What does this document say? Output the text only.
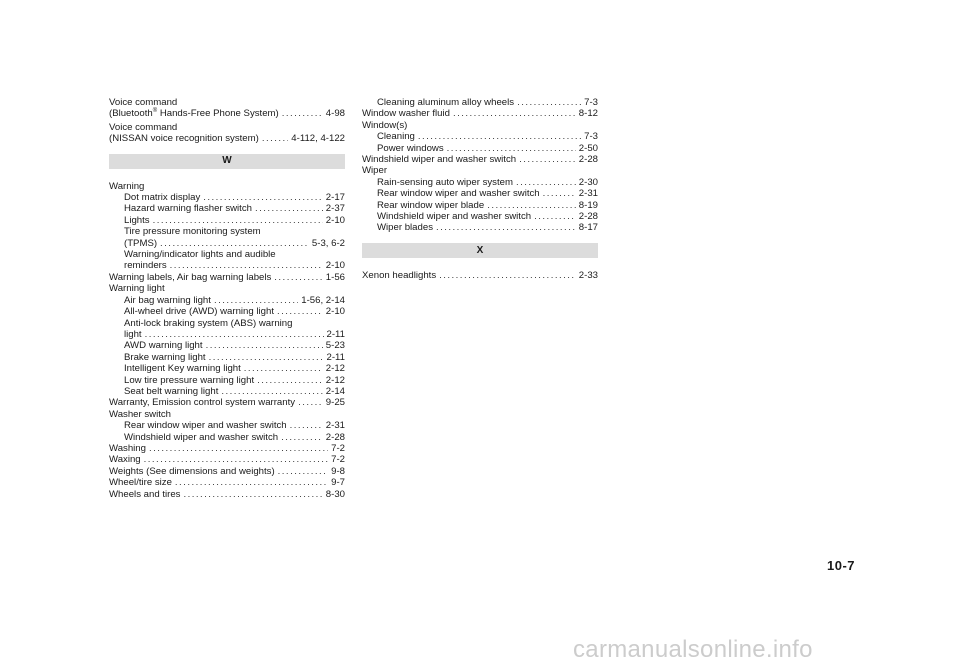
Voice command
(Bluetooth® Hands-Free Phone System) . . .	4-98
Voice command
(NISSAN voice recognition system) . . .	4-112, 4-122
W
Warning
Dot matrix display . . .	2-17
Hazard warning flasher switch . . .	2-37
Lights . . .	2-10
Tire pressure monitoring system
(TPMS) . . .	5-3, 6-2
Warning/indicator lights and audible
reminders . . .	2-10
Warning labels, Air bag warning labels . . .	1-56
Warning light
Air bag warning light . . .	1-56, 2-14
All-wheel drive (AWD) warning light . . .	2-10
Anti-lock braking system (ABS) warning
light . . .	2-11
AWD warning light . . .	5-23
Brake warning light . . .	2-11
Intelligent Key warning light . . .	2-12
Low tire pressure warning light . . .	2-12
Seat belt warning light . . .	2-14
Warranty, Emission control system warranty . . .	9-25
Washer switch
Rear window wiper and washer switch . . .	2-31
Windshield wiper and washer switch . . .	2-28
Washing . . .	7-2
Waxing . . .	7-2
Weights (See dimensions and weights) . . .	9-8
Wheel/tire size . . .	9-7
Wheels and tires . . .	8-30
Cleaning aluminum alloy wheels . . .	7-3
Window washer fluid . . .	8-12
Window(s)
Cleaning . . .	7-3
Power windows . . .	2-50
Windshield wiper and washer switch . . .	2-28
Wiper
Rain-sensing auto wiper system . . .	2-30
Rear window wiper and washer switch . . .	2-31
Rear window wiper blade . . .	8-19
Windshield wiper and washer switch . . .	2-28
Wiper blades . . .	8-17
X
Xenon headlights . . .	2-33
10-7
carmanualsonline.info
